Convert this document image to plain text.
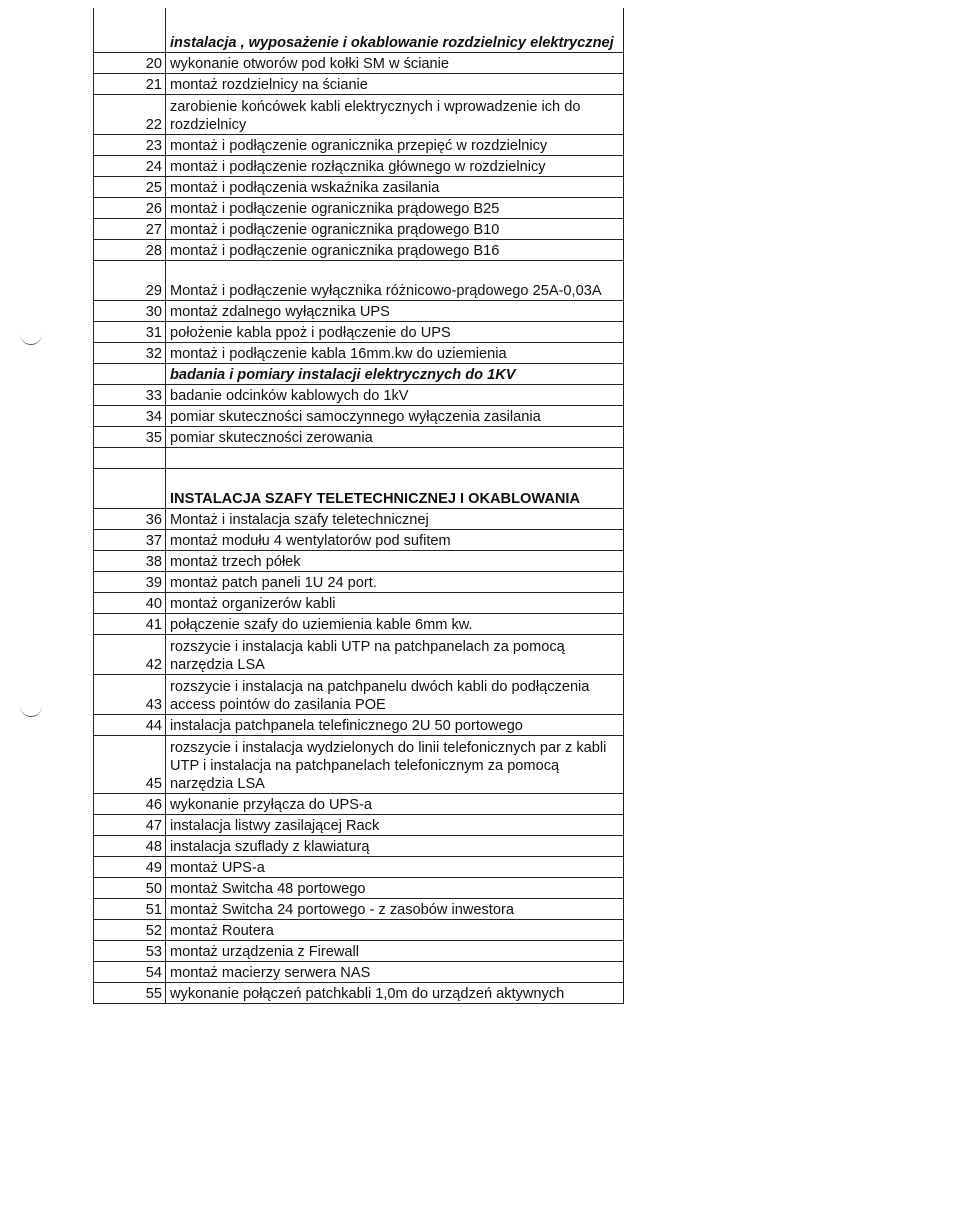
	instalacja , wyposażenie i okablowanie rozdzielnicy elektrycznej
20	wykonanie otworów pod kołki SM w ścianie
21	montaż rozdzielnicy na ścianie
22	zarobienie końcówek kabli elektrycznych i wprowadzenie ich do rozdzielnicy
23	montaż i podłączenie ogranicznika przepięć w rozdzielnicy
24	montaż i podłączenie rozłącznika głównego w rozdzielnicy
25	montaż i podłączenia wskaźnika zasilania
26	montaż i podłączenie ogranicznika prądowego B25
27	montaż i podłączenie ogranicznika prądowego B10
28	montaż i podłączenie ogranicznika prądowego B16
29	Montaż i podłączenie wyłącznika różnicowo-prądowego 25A-0,03A
30	montaż zdalnego wyłącznika UPS
31	położenie kabla ppoż i podłączenie do UPS
32	montaż i podłączenie kabla 16mm.kw do uziemienia
	badania i pomiary instalacji elektrycznych do 1KV
33	badanie odcinków kablowych do 1kV
34	pomiar skuteczności samoczynnego wyłączenia zasilania
35	pomiar skuteczności zerowania

	INSTALACJA SZAFY TELETECHNICZNEJ I OKABLOWANIA
36	Montaż i instalacja szafy teletechnicznej
37	montaż modułu 4 wentylatorów pod sufitem
38	montaż trzech półek
39	montaż patch paneli 1U 24 port.
40	montaż organizerów kabli
41	połączenie szafy do uziemienia kable 6mm kw.
42	rozszycie i instalacja kabli UTP na patchpanelach za pomocą narzędzia LSA
43	rozszycie i instalacja na patchpanelu dwóch kabli do podłączenia access pointów do zasilania POE
44	instalacja patchpanela telefinicznego 2U 50 portowego
45	rozszycie i instalacja wydzielonych do linii telefonicznych par z kabli UTP i instalacja na patchpanelach telefonicznym za pomocą narzędzia LSA
46	wykonanie przyłącza do UPS-a
47	instalacja listwy zasilającej Rack
48	instalacja szuflady z klawiaturą
49	montaż UPS-a
50	montaż Switcha 48 portowego
51	montaż Switcha 24 portowego - z zasobów inwestora
52	montaż Routera
53	montaż urządzenia z Firewall
54	montaż macierzy serwera NAS
55	wykonanie połączeń patchkabli 1,0m do urządzeń aktywnych
